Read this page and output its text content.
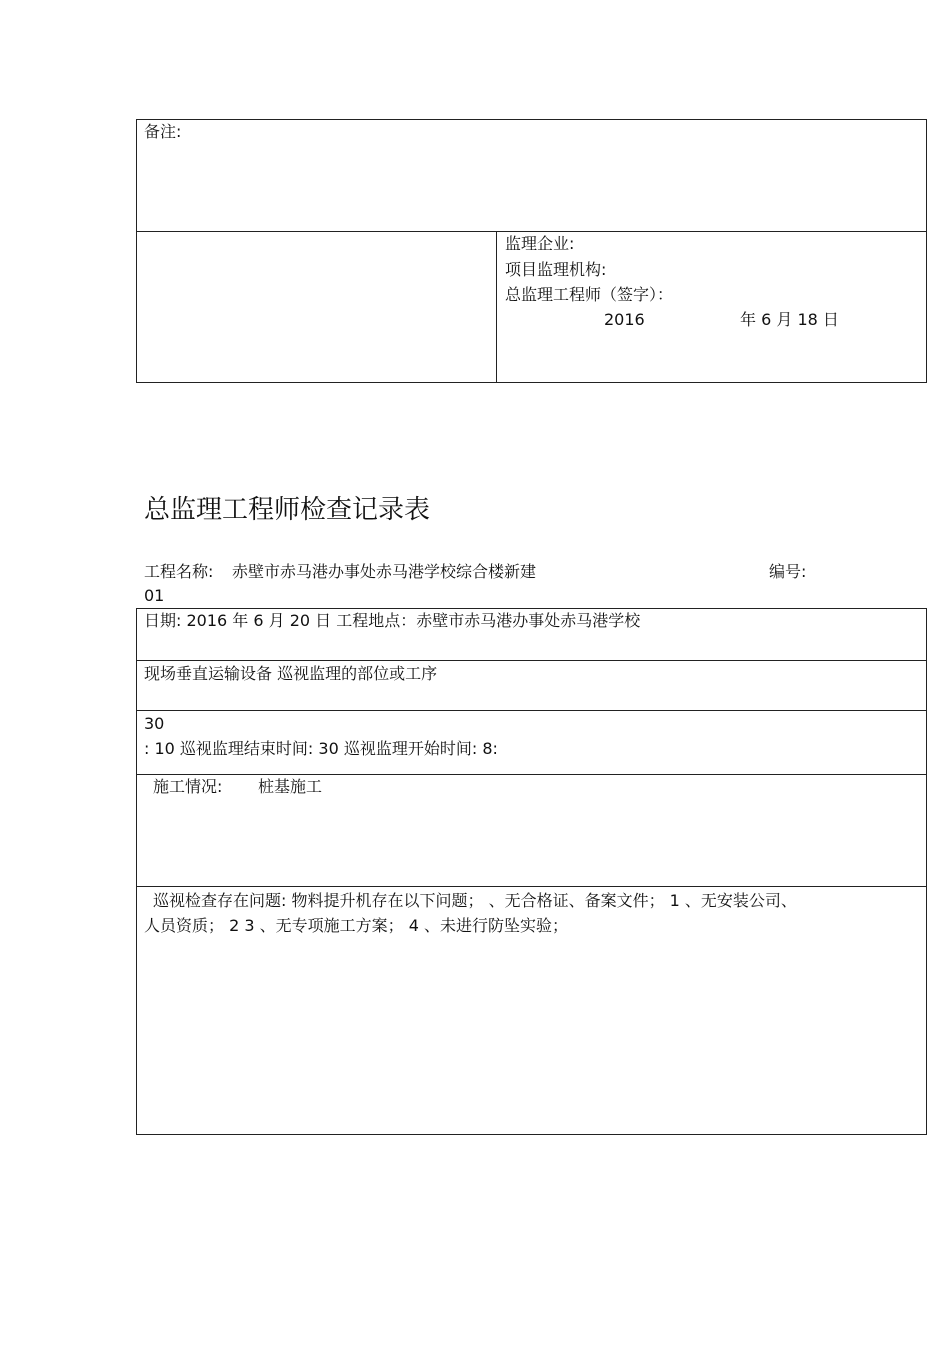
备注:
监理企业:
项目监理机构:
总监理工程师（签字）：
2016	年 6 月 18 日
总监理工程师检查记录表
工程名称: 赤壁市赤马港办事处赤马港学校综合楼新建	编号:
01
日期: 2016 年 6 月 20 日 工程地点：赤壁市赤马港办事处赤马港学校
现场垂直运输设备 巡视监理的部位或工序
30
: 10 巡视监理结束时间: 30 巡视监理开始时间: 8:
施工情况: 桩基施工
巡视检查存在问题: 物料提升机存在以下问题； 、无合格证、备案文件； 1 、无安装公司、
人员资质； 2 3 、无专项施工方案； 4 、未进行防坠实验；
